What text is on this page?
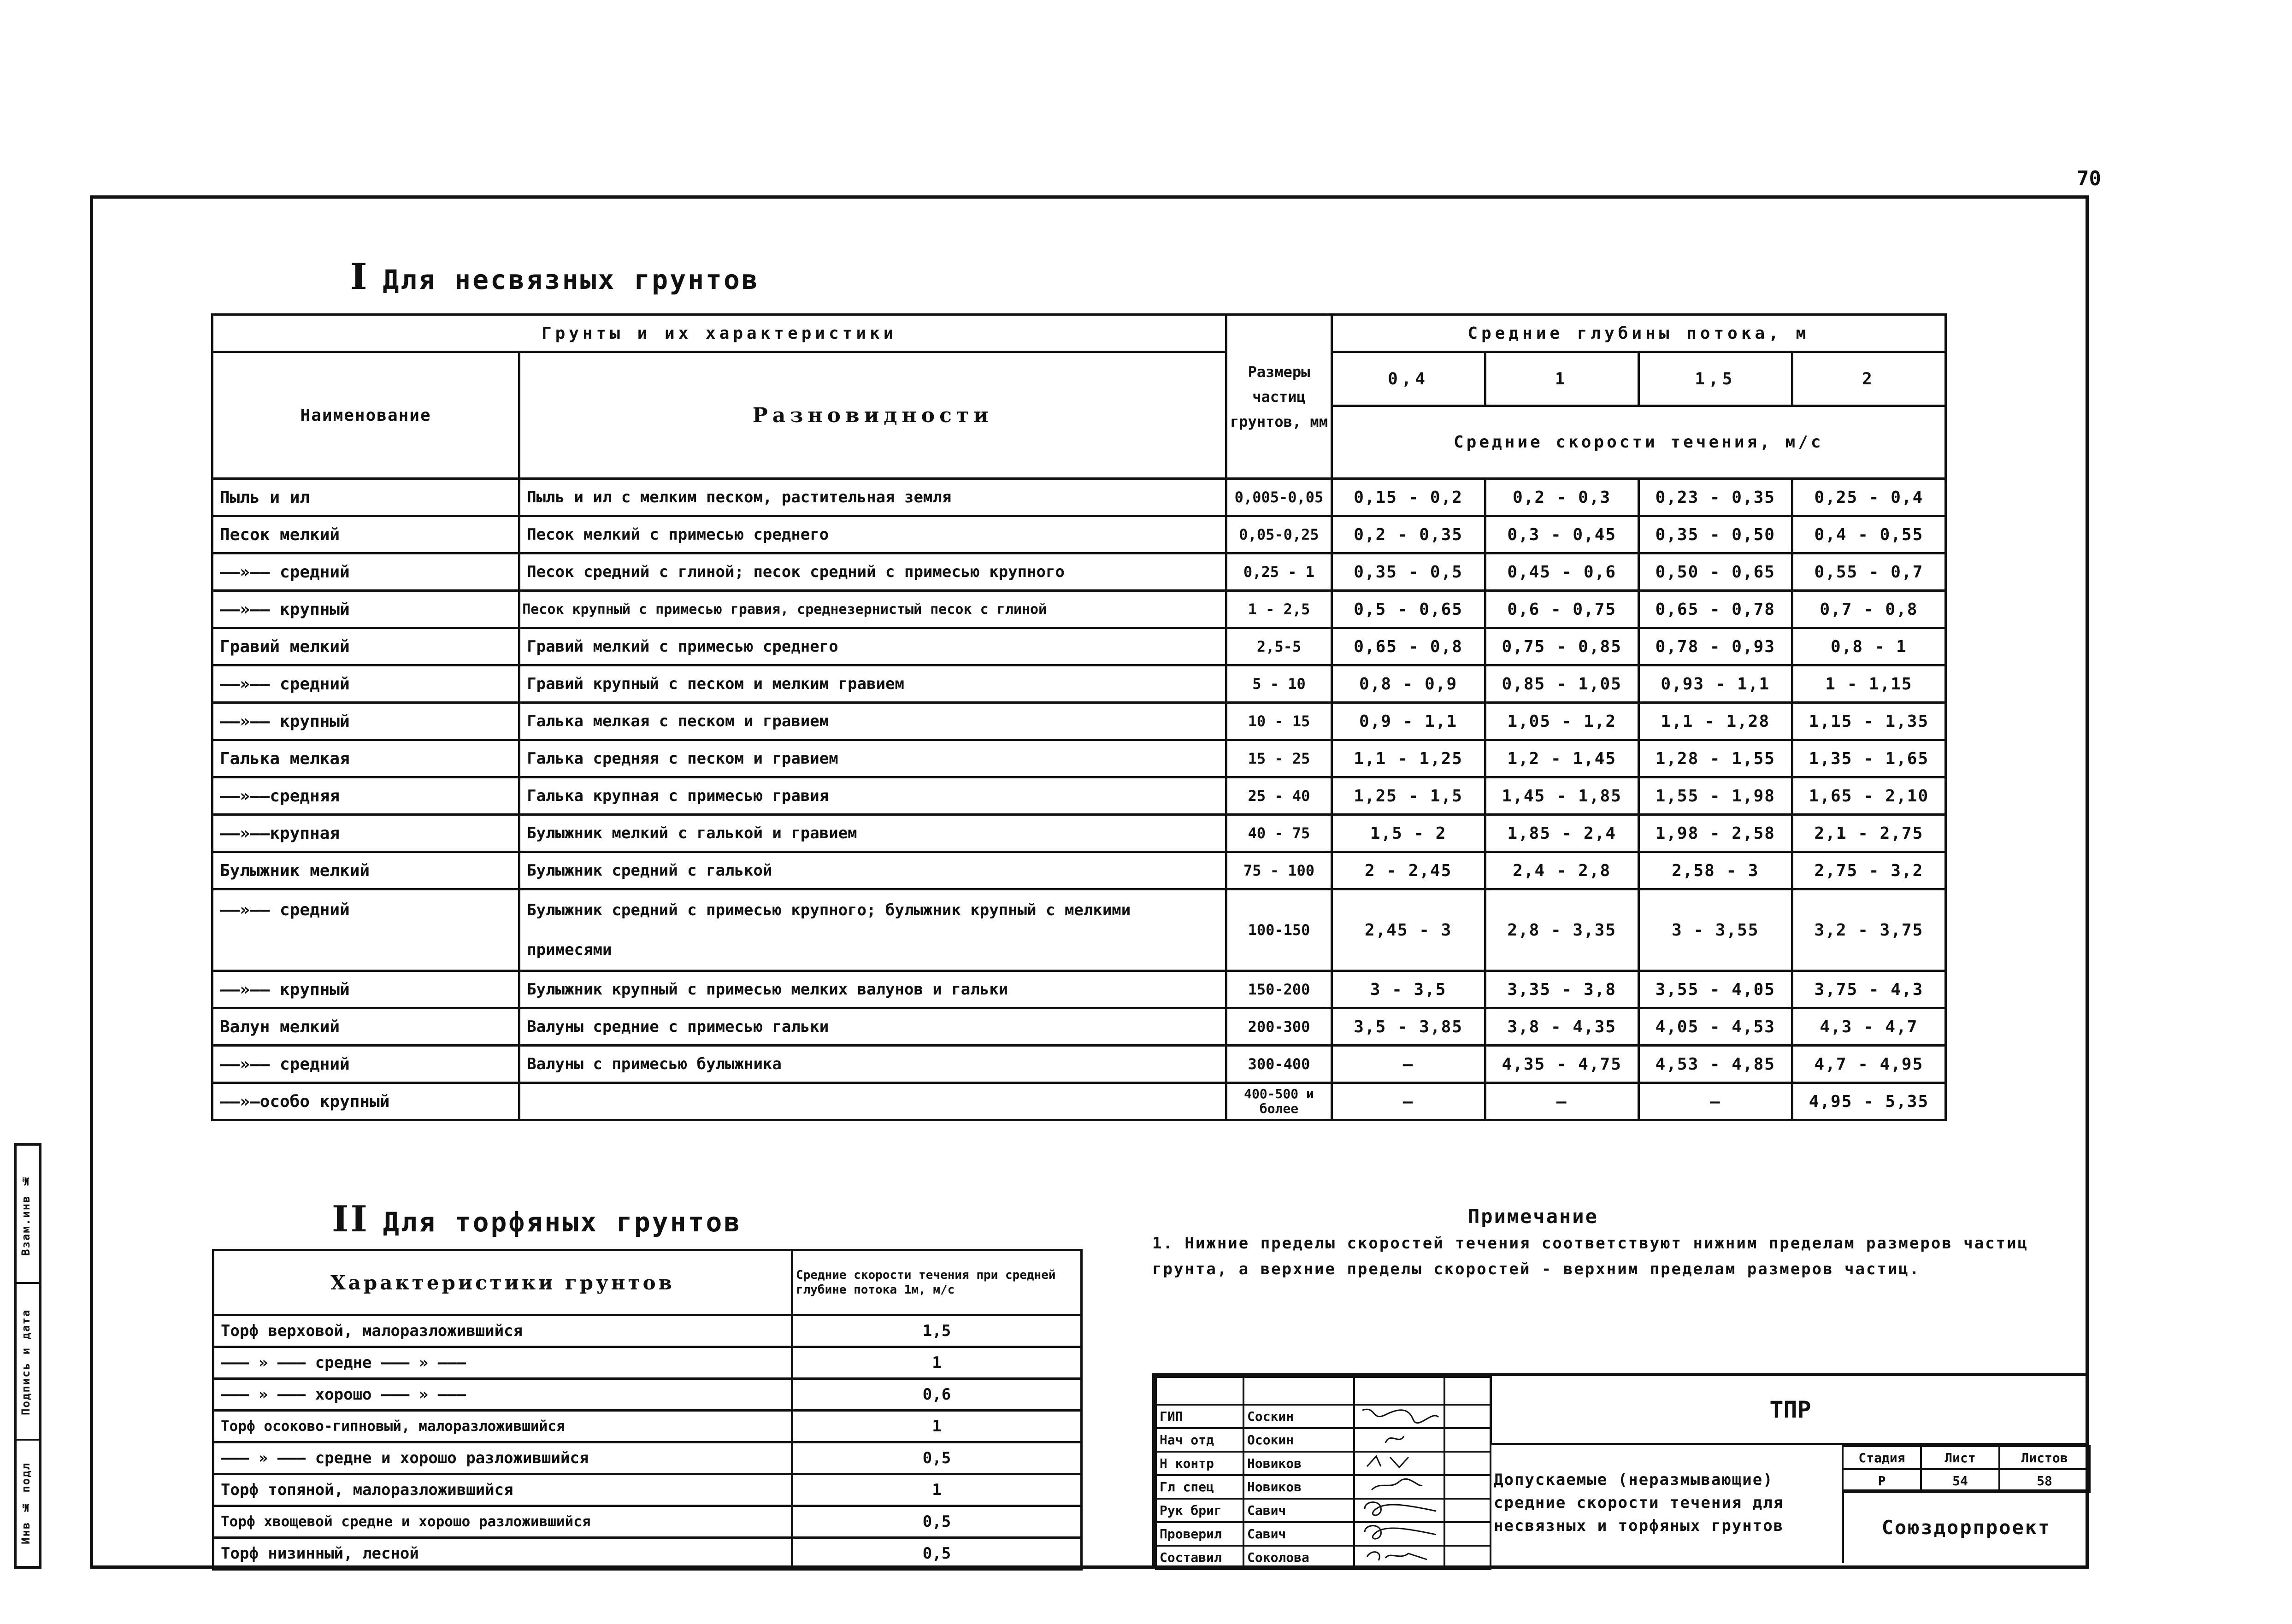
70
Взам.инв №
Подпись и дата
Инв № подл
I Для несвязных грунтов
Грунты и их характеристики		Размеры частиц грунтов, мм	Средние глубины потока, м			
Наименование	Разновидности		0,4	1	1,5	2
			Средние скорости течения, м/с			
Пыль и ил	Пыль и ил с мелким песком, растительная земля	0,005-0,05	0,15 - 0,2	0,2 - 0,3	0,23 - 0,35	0,25 - 0,4
Песок мелкий	Песок мелкий с примесью среднего	0,05-0,25	0,2 - 0,35	0,3 - 0,45	0,35 - 0,50	0,4 - 0,55
——»—— средний	Песок средний с глиной; песок средний с примесью крупного	0,25 - 1	0,35 - 0,5	0,45 - 0,6	0,50 - 0,65	0,55 - 0,7
——»—— крупный	Песок крупный с примесью гравия, среднезернистый песок с глиной	1 - 2,5	0,5 - 0,65	0,6 - 0,75	0,65 - 0,78	0,7 - 0,8
Гравий мелкий	Гравий мелкий с примесью среднего	2,5-5	0,65 - 0,8	0,75 - 0,85	0,78 - 0,93	0,8 - 1
——»—— средний	Гравий крупный с песком и мелким гравием	5 - 10	0,8 - 0,9	0,85 - 1,05	0,93 - 1,1	1 - 1,15
——»—— крупный	Галька мелкая с песком и гравием	10 - 15	0,9 - 1,1	1,05 - 1,2	1,1 - 1,28	1,15 - 1,35
Галька мелкая	Галька средняя с песком и гравием	15 - 25	1,1 - 1,25	1,2 - 1,45	1,28 - 1,55	1,35 - 1,65
——»——средняя	Галька крупная с примесью гравия	25 - 40	1,25 - 1,5	1,45 - 1,85	1,55 - 1,98	1,65 - 2,10
——»——крупная	Булыжник мелкий с галькой и гравием	40 - 75	1,5 - 2	1,85 - 2,4	1,98 - 2,58	2,1 - 2,75
Булыжник мелкий	Булыжник средний с галькой	75 - 100	2 - 2,45	2,4 - 2,8	2,58 - 3	2,75 - 3,2
——»—— средний	Булыжник средний с примесью крупного; булыжник крупный с мелкими примесями	100-150	2,45 - 3	2,8 - 3,35	3 - 3,55	3,2 - 3,75
——»—— крупный	Булыжник крупный с примесью мелких валунов и гальки	150-200	3 - 3,5	3,35 - 3,8	3,55 - 4,05	3,75 - 4,3
Валун мелкий	Валуны средние с примесью гальки	200-300	3,5 - 3,85	3,8 - 4,35	4,05 - 4,53	4,3 - 4,7
——»—— средний	Валуны с примесью булыжника	300-400	—	4,35 - 4,75	4,53 - 4,85	4,7 - 4,95
——»—особо крупный		400-500 и более	—	—	—	4,95 - 5,35
II Для торфяных грунтов
Характеристики грунтов	Средние скорости течения при средней глубине потока 1м, м/с
Торф верховой, малоразложившийся	1,5
——— » ——— средне ——— » ———	1
——— » ——— хорошо ——— » ———	0,6
Торф осоково-гипновый, малоразложившийся	1
——— » ——— средне и хорошо разложившийся	0,5
Торф топяной, малоразложившийся	1
Торф хвощевой средне и хорошо разложившийся	0,5
Торф низинный, лесной	0,5
Примечание
1. Нижние пределы скоростей течения соответствуют нижним пределам размеров частиц грунта, а верхние пределы скоростей - верхним пределам размеров частиц.

ГИП	Соскин		
Нач отд	Осокин		
Н контр	Новиков		
Гл спец	Новиков		
Рук бриг	Савич		
Проверил	Савич		
Составил	Соколова		
ТПР
Допускаемые (неразмывающие) средние скорости течения для несвязных и торфяных грунтов
Стадия	Лист	Листов
Р	54	58
Союздорпроект
